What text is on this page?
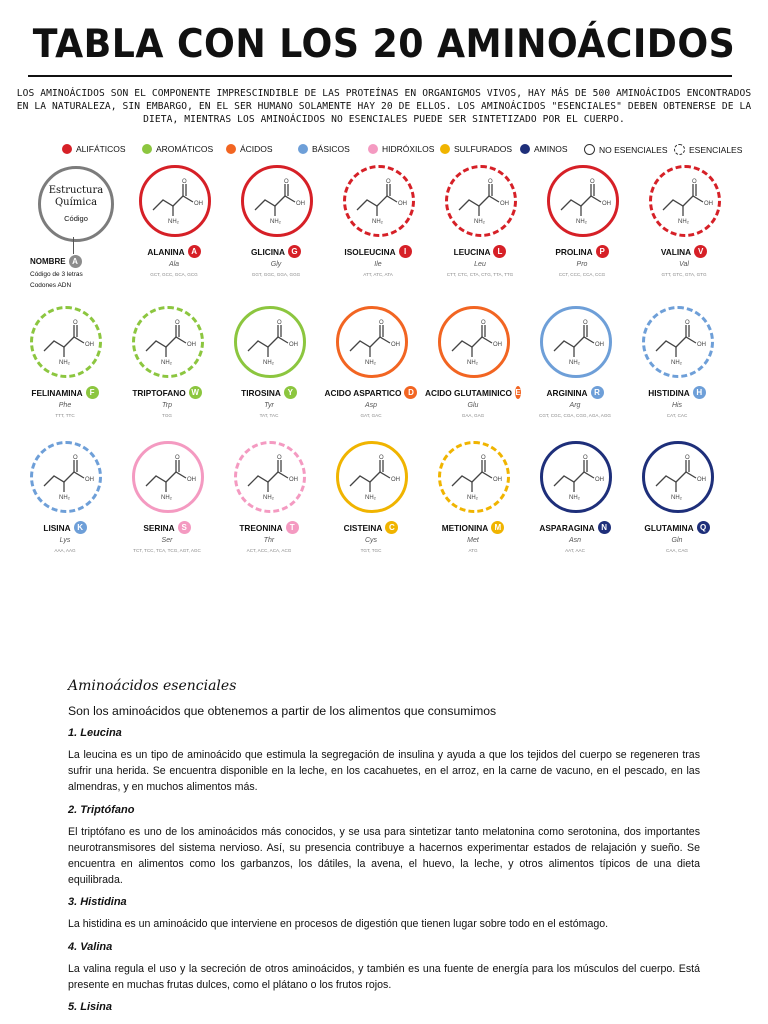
TABLA CON LOS 20 AMINOÁCIDOS
LOS AMINOÁCIDOS SON EL COMPONENTE IMPRESCINDIBLE DE LAS PROTEÍNAS EN ORGANIGMOS VIVOS, HAY MÁS DE 500 AMINOÁCIDOS ENCONTRADOS EN LA NATURALEZA, SIN EMBARGO, EN EL SER HUMANO SOLAMENTE HAY 20 DE ELLOS. LOS AMINOÁCIDOS "ESENCIALES" DEBEN OBTENERSE DE LA DIETA, MIENTRAS LOS AMINOÁCIDOS NO ESENCIALES PUEDE SER SINTETIZADO POR EL CUERPO.
ALIFÁTICOS	AROMÁTICOS	ÁCIDOS	BÁSICOS	HIDRÓXILOS SULFURADOS	AMINOS	NO ESENCIALES	ESENCIALES
Estructura
Química
Código
NOMBRE A
Código de 3 letras
Codones ADN
OH
O
NH₂
ALANINA A
Ala
GCT, GCC, GCA, GCG
OH
O
NH₂
GLICINA G
Gly
GGT, GGC, GGA, GGG
OH
O
NH₂
ISOLEUCINA	I
Ile
ATT, ATC, ATA
OH
O
NH₂
LEUCINA L
Leu
CTT, CTC, CTA, CTG, TTA, TTG
OH
O
NH₂
PROLINA P
Pro
CCT, CCC, CCA, CCG
OH
O
NH₂
VALINA V
Val
GTT, GTC, GTA, GTG
OH
O
NH₂
FELINAMINA F
Phe
TTT, TTC
OH
O
NH₂
TRIPTOFANO W
Trp
TGG
OH
O
NH₂
TIROSINA Y
Tyr
TAT, TAC
OH
O
NH₂
ACIDO ASPARTICO D
Asp
GAT, GAC
OH
O
NH₂
ACIDO GLUTAMINICO E
Glu
GAA, GAG
OH
O
NH₂
ARGININA R
Arg
CGT, CGC, CGA, CGG, AGA, AGG
OH
O
NH₂
HISTIDINA H
His
CAT, CAC
OH
O
NH₂
LISINA K
Lys
AAA, AAG
OH
O
NH₂
SERINA S
Ser
TCT, TCC, TCA, TCG, AGT, AGC
OH
O
NH₂
TREONINA T
Thr
ACT, ACC, ACA, ACG
OH
O
NH₂
CISTEINA C
Cys
TGT, TGC
OH
O
NH₂
METIONINA M
Met
ATG
OH
O
NH₂
ASPARAGINA N
Asn
AAT, AAC
OH
O
NH₂
GLUTAMINA Q
Gln
CAA, CAG
Aminoácidos esenciales
Son los aminoácidos que obtenemos a partir de los alimentos que consumimos
1. Leucina

La leucina es un tipo de aminoácido que estimula la segregación de insulina y ayuda a que los tejidos del cuerpo se regeneren tras sufrir una herida. Se encuentra disponible en la leche, en los cacahuetes, en el arroz, en la carne de vacuno, en el pescado, en las almendras, y en muchos alimentos más.

2. Triptófano

El triptófano es uno de los aminoácidos más conocidos, y se usa para sintetizar tanto melatonina como serotonina, dos importantes neurotransmisores del sistema nervioso. Así, su presencia contribuye a hacernos experimentar estados de relajación y sueño. Se encuentra en alimentos como los garbanzos, los dátiles, la avena, el huevo, la leche, y otros alimentos típicos de una dieta equilibrada.

3. Histidina

La histidina es un aminoácido que interviene en procesos de digestión que tienen lugar sobre todo en el estómago.

4. Valina

La valina regula el uso y la secreción de otros aminoácidos, y también es una fuente de energía para los músculos del cuerpo. Está presente en muchas frutas dulces, como el plátano o los frutos rojos.

5. Lisina
